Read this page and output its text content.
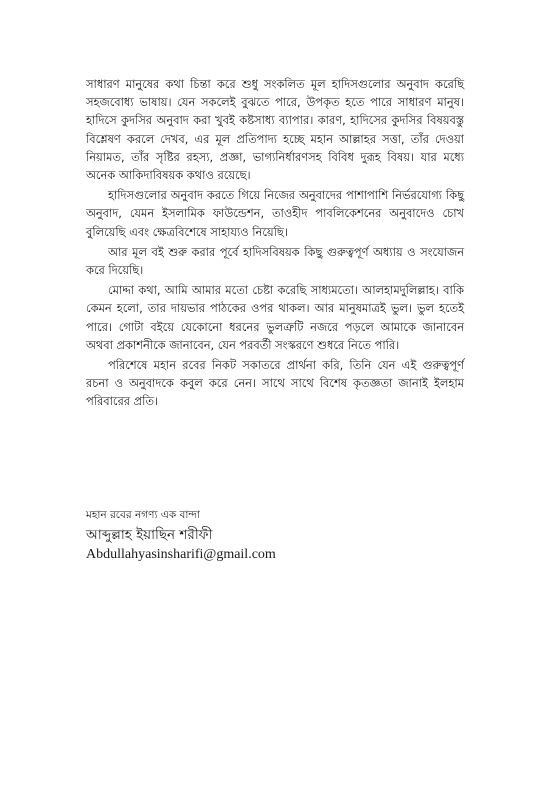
সাধারণ মানুষের কথা চিন্তা করে শুধু সংকলিত মূল হাদিসগুলোর অনুবাদ করেছি সহজবোধ্য ভাষায়। যেন সকলেই বুঝতে পারে, উপকৃত হতে পারে সাধারণ মানুষ। হাদিসে কুদসির অনুবাদ করা খুবই কষ্টসাধ্য ব্যাপার। কারণ, হাদিসের কুদসির বিষয়বস্তু বিশ্লেষণ করলে দেখব, এর মূল প্রতিপাদ্য হচ্ছে মহান আল্লাহর সত্তা, তাঁর দেওয়া নিয়ামত, তাঁর সৃষ্টির রহস্য, প্রজ্ঞা, ভাগ্যনির্ধারণসহ বিবিধ দুরূহ বিষয়। যার মধ্যে অনেক আকিদাবিষয়ক কথাও রয়েছে।

হাদিসগুলোর অনুবাদ করতে গিয়ে নিজের অনুবাদের পাশাপাশি নির্ভরযোগ্য কিছু অনুবাদ, যেমন ইসলামিক ফাউন্ডেশন, তাওহীদ পাবলিকেশনের অনুবাদেও চোখ বুলিয়েছি এবং ক্ষেত্রবিশেষে সাহায্যও নিয়েছি।

আর মূল বই শুরু করার পূর্বে হাদিসবিষয়ক কিছু গুরুত্বপূর্ণ অধ্যায় ও সংযোজন করে দিয়েছি।

মোদ্দা কথা, আমি আমার মতো চেষ্টা করেছি সাধ্যমতো। আলহামদুলিল্লাহ। বাকি কেমন হলো, তার দায়ভার পাঠকের ওপর থাকল। আর মানুষমাত্রই ভুল। ভুল হতেই পারে। গোটা বইয়ে যেকোনো ধরনের ভুলত্রুটি নজরে পড়লে আমাকে জানাবেন অথবা প্রকাশনীকে জানাবেন, যেন পরবর্তী সংস্করণে শুধরে নিতে পারি।

পরিশেষে মহান রবের নিকট সকাতরে প্রার্থনা করি, তিনি যেন এই গুরুত্বপূর্ণ রচনা ও অনুবাদকে কবুল করে নেন। সাথে সাথে বিশেষ কৃতজ্ঞতা জানাই ইলহাম পরিবারের প্রতি।

মহান রবের নগণ্য এক বান্দা
আব্দুল্লাহ ইয়াছিন শরীফী
Abdullahyasinsharifi@gmail.com
